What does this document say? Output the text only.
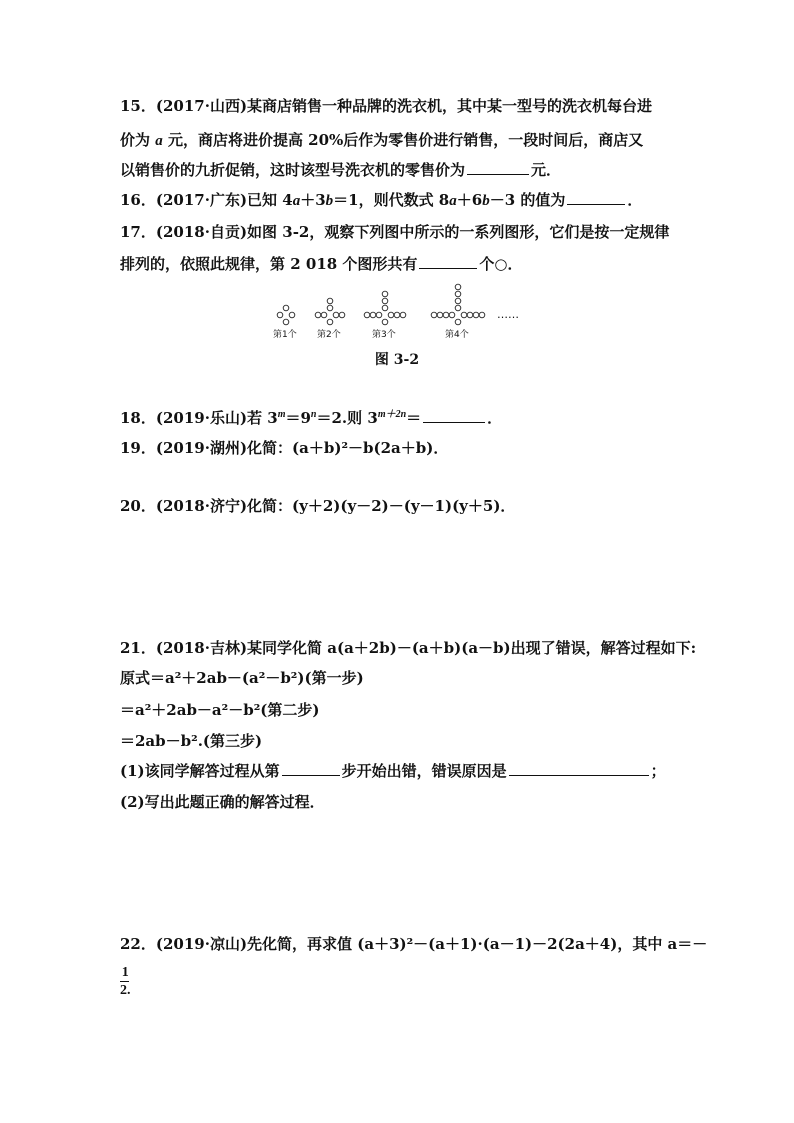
15．(2017·山西)某商店销售一种品牌的洗衣机，其中某一型号的洗衣机每台进
价为 a 元，商店将进价提高 20%后作为零售价进行销售，一段时间后，商店又
以销售价的九折促销，这时该型号洗衣机的零售价为	元．
16．(2017·广东)已知 4a＋3b＝1，则代数式 8a＋6b－3 的值为	．
17．(2018·自贡)如图 3-2，观察下列图中所示的一系列图形，它们是按一定规律
排列的，依照此规律，第 2 018 个图形共有	个○．
第1个 第2个	第3个	第4个
……
图 3-2
18．(2019·乐山)若 $3^m=9^n=2$.则 $3^{m+2n}=$	．
19．(2019·湖州)化简：(a＋b)²－b(2a＋b)．
20．(2018·济宁)化简：(y＋2)(y－2)－(y－1)(y＋5)．
21．(2018·吉林)某同学化简 a(a＋2b)－(a＋b)(a－b)出现了错误，解答过程如下:
原式＝a²＋2ab－(a²－b²)(第一步)
＝a²＋2ab－a²－b²(第二步)
＝2ab－b².(第三步)
(1)该同学解答过程从第	步开始出错，错误原因是	；
(2)写出此题正确的解答过程．
22．(2019·凉山)先化简，再求值 (a＋3)²－(a＋1)·(a－1)－2(2a＋4)，其中 a＝－
1
2.
